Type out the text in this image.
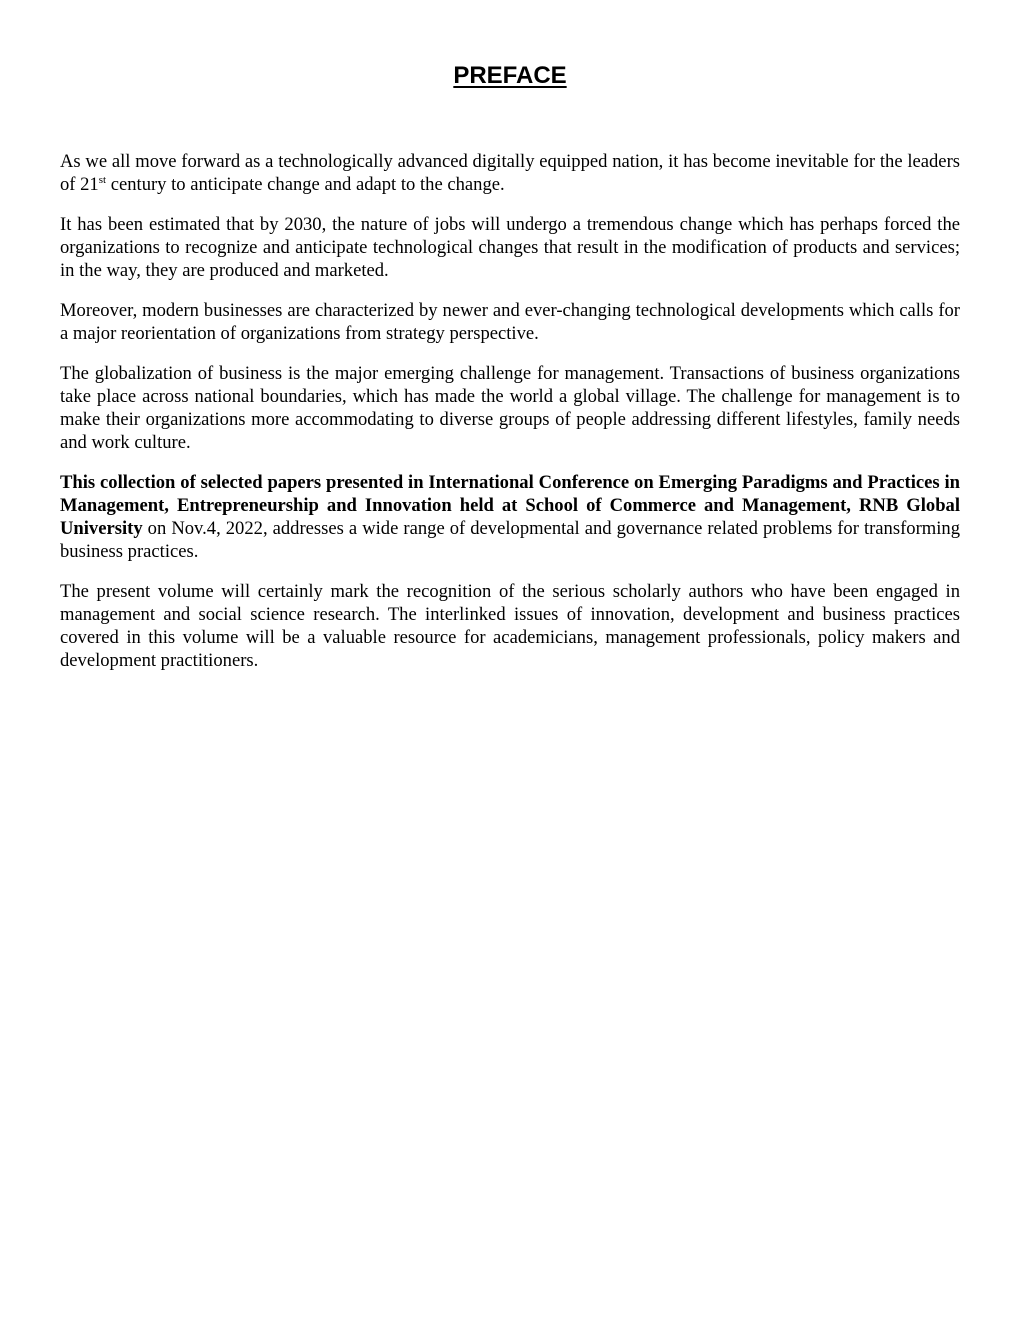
PREFACE

As we all move forward as a technologically advanced digitally equipped nation, it has become inevitable for the leaders of 21st century to anticipate change and adapt to the change.

It has been estimated that by 2030, the nature of jobs will undergo a tremendous change which has perhaps forced the organizations to recognize and anticipate technological changes that result in the modification of products and services; in the way, they are produced and marketed.

Moreover, modern businesses are characterized by newer and ever-changing technological developments which calls for a major reorientation of organizations from strategy perspective.

The globalization of business is the major emerging challenge for management. Transactions of business organizations take place across national boundaries, which has made the world a global village. The challenge for management is to make their organizations more accommodating to diverse groups of people addressing different lifestyles, family needs and work culture.

This collection of selected papers presented in International Conference on Emerging Paradigms and Practices in Management, Entrepreneurship and Innovation held at School of Commerce and Management, RNB Global University on Nov.4, 2022, addresses a wide range of developmental and governance related problems for transforming business practices.

The present volume will certainly mark the recognition of the serious scholarly authors who have been engaged in management and social science research. The interlinked issues of innovation, development and business practices covered in this volume will be a valuable resource for academicians, management professionals, policy makers and development practitioners.
